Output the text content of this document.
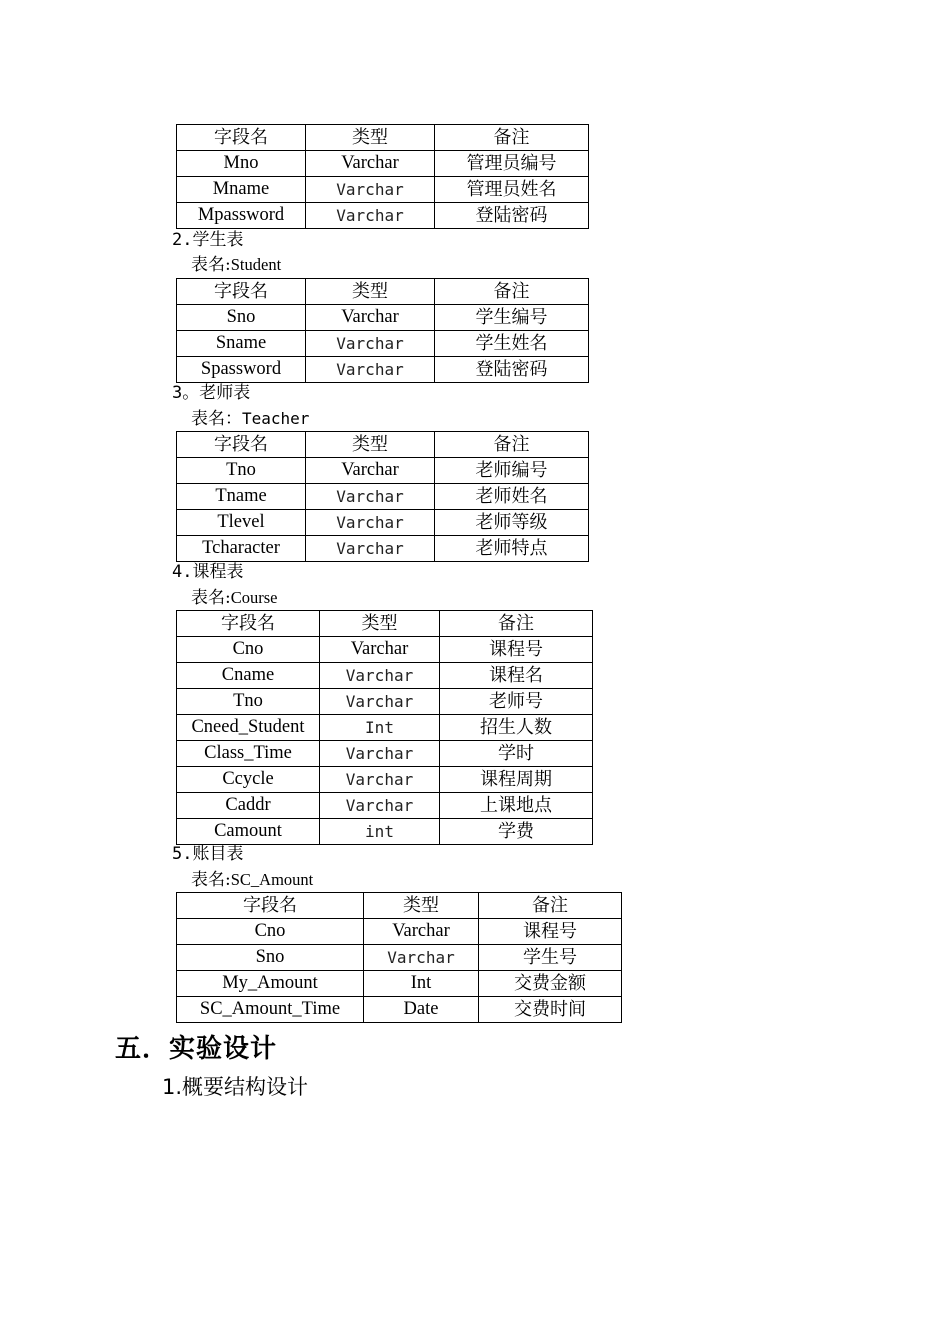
字段名	类型	备注
Mno	Varchar	管理员编号
Mname	Varchar	管理员姓名
Mpassword	Varchar	登陆密码
2.学生表
表名:Student
字段名	类型	备注
Sno	Varchar	学生编号
Sname	Varchar	学生姓名
Spassword	Varchar	登陆密码
3。老师表
表名：Teacher
字段名	类型	备注
Tno	Varchar	老师编号
Tname	Varchar	老师姓名
Tlevel	Varchar	老师等级
Tcharacter	Varchar	老师特点
4.课程表
表名:Course
字段名	类型	备注
Cno	Varchar	课程号
Cname	Varchar	课程名
Tno	Varchar	老师号
Cneed_Student	Int	招生人数
Class_Time	Varchar	学时
Ccycle	Varchar	课程周期
Caddr	Varchar	上课地点
Camount	int	学费
5.账目表
表名:SC_Amount
字段名	类型	备注
Cno	Varchar	课程号
Sno	Varchar	学生号
My_Amount	Int	交费金额
SC_Amount_Time	Date	交费时间
五．实验设计
1.概要结构设计
